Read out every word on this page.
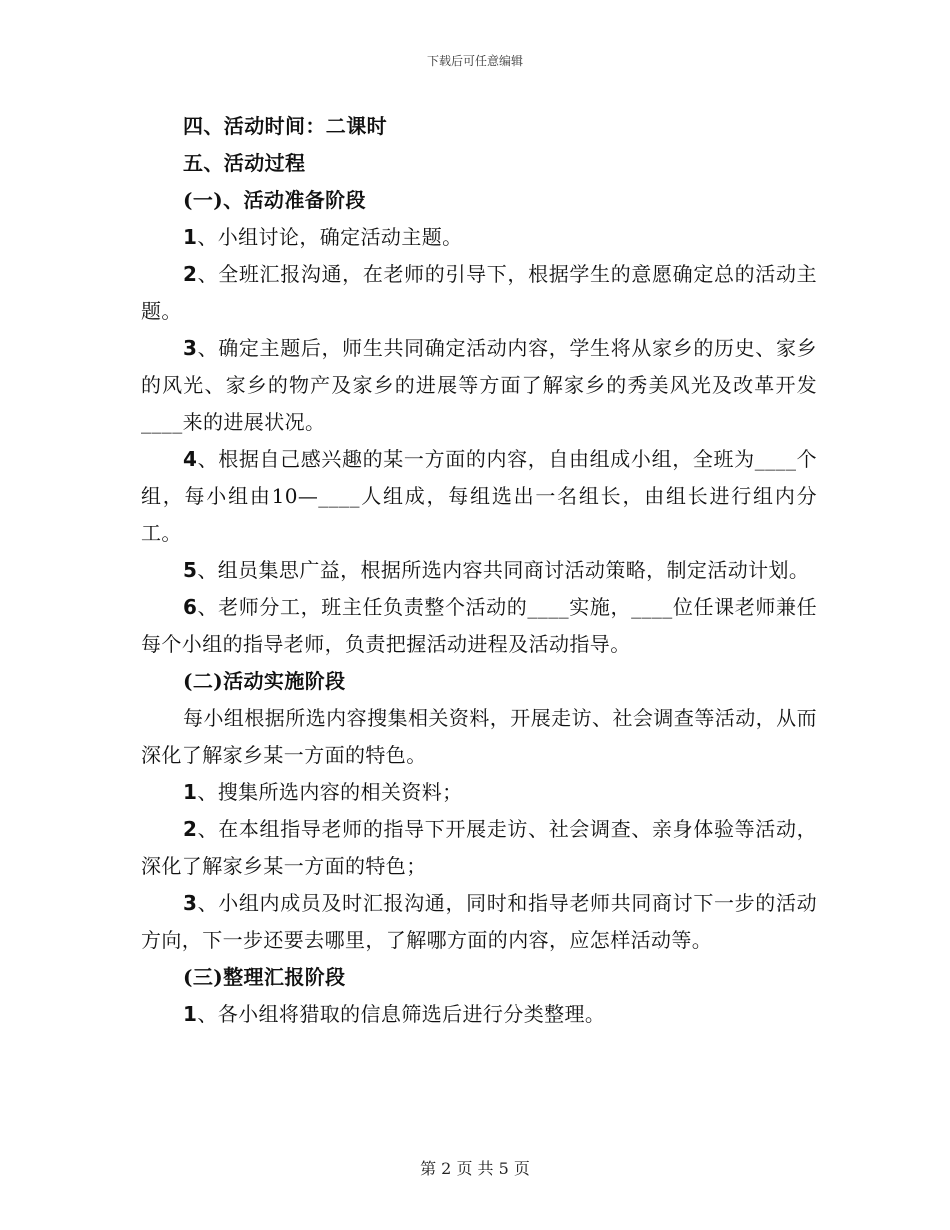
下载后可任意编辑

四、活动时间：二课时

五、活动过程

(一)、活动准备阶段

1、小组讨论，确定活动主题。

2、全班汇报沟通，在老师的引导下，根据学生的意愿确定总的活动主题。

3、确定主题后，师生共同确定活动内容，学生将从家乡的历史、家乡的风光、家乡的物产及家乡的进展等方面了解家乡的秀美风光及改革开发____来的进展状况。

4、根据自己感兴趣的某一方面的内容，自由组成小组，全班为____个组，每小组由10—____人组成，每组选出一名组长，由组长进行组内分工。

5、组员集思广益，根据所选内容共同商讨活动策略，制定活动计划。

6、老师分工，班主任负责整个活动的____实施，____位任课老师兼任每个小组的指导老师，负责把握活动进程及活动指导。

(二)活动实施阶段

每小组根据所选内容搜集相关资料，开展走访、社会调查等活动，从而深化了解家乡某一方面的特色。

1、搜集所选内容的相关资料；

2、在本组指导老师的指导下开展走访、社会调查、亲身体验等活动，深化了解家乡某一方面的特色；

3、小组内成员及时汇报沟通，同时和指导老师共同商讨下一步的活动方向，下一步还要去哪里，了解哪方面的内容，应怎样活动等。

(三)整理汇报阶段

1、各小组将猎取的信息筛选后进行分类整理。

第 2 页 共 5 页
